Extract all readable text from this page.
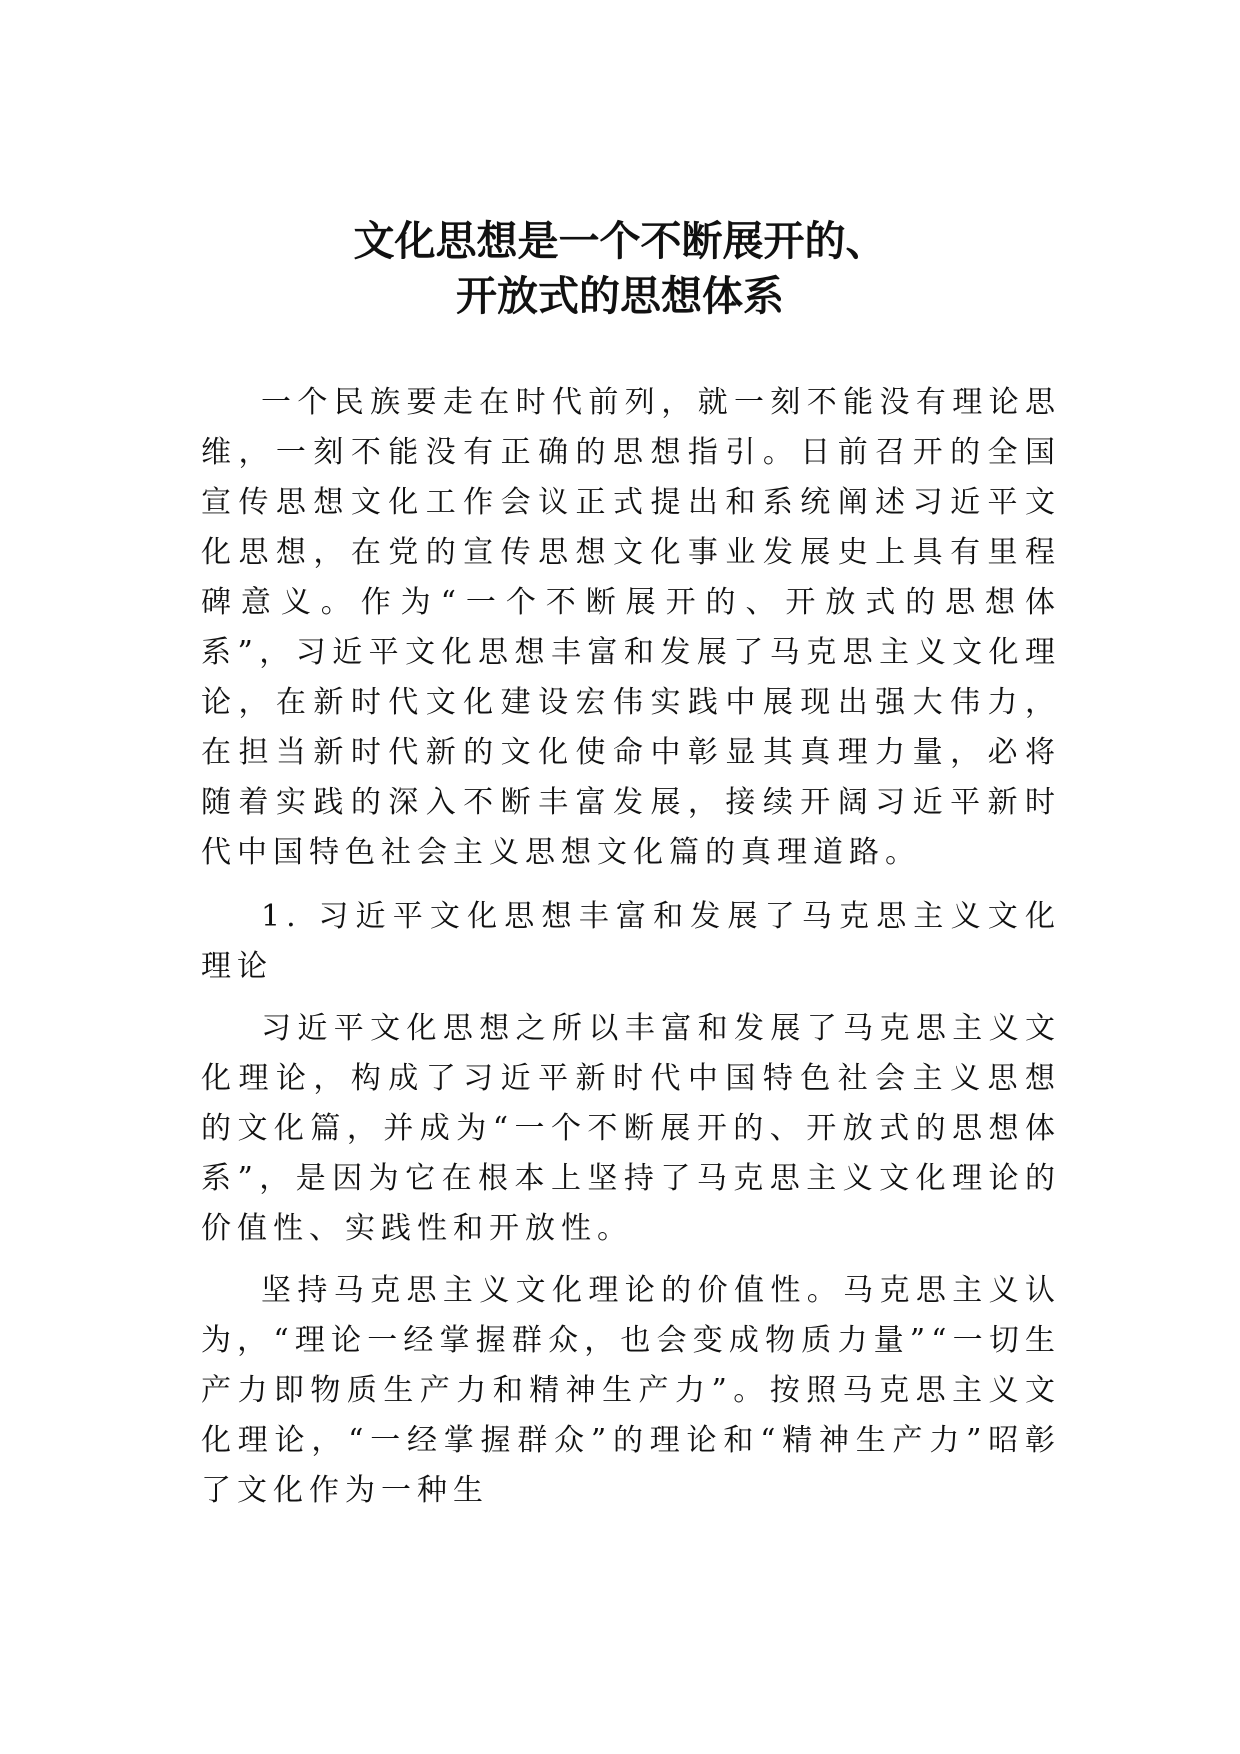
文化思想是一个不断展开的、
开放式的思想体系

一个民族要走在时代前列，就一刻不能没有理论思维，一刻不能没有正确的思想指引。日前召开的全国宣传思想文化工作会议正式提出和系统阐述习近平文化思想，在党的宣传思想文化事业发展史上具有里程碑意义。作为“一个不断展开的、开放式的思想体系”，习近平文化思想丰富和发展了马克思主义文化理论，在新时代文化建设宏伟实践中展现出强大伟力，在担当新时代新的文化使命中彰显其真理力量，必将随着实践的深入不断丰富发展，接续开阔习近平新时代中国特色社会主义思想文化篇的真理道路。

1. 习近平文化思想丰富和发展了马克思主义文化理论

习近平文化思想之所以丰富和发展了马克思主义文化理论，构成了习近平新时代中国特色社会主义思想的文化篇，并成为“一个不断展开的、开放式的思想体系”，是因为它在根本上坚持了马克思主义文化理论的价值性、实践性和开放性。

坚持马克思主义文化理论的价值性。马克思主义认为，“理论一经掌握群众，也会变成物质力量”“一切生产力即物质生产力和精神生产力”。按照马克思主义文化理论，“一经掌握群众”的理论和“精神生产力”昭彰了文化作为一种生
